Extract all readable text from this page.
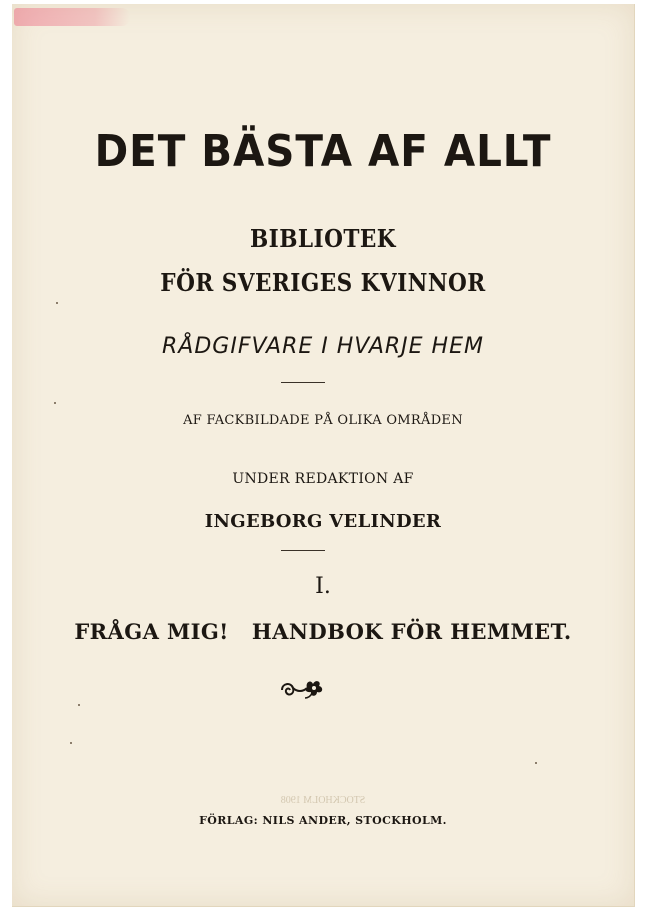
DET BÄSTA AF ALLT
BIBLIOTEK
FÖR SVERIGES KVINNOR
RÅDGIFVARE I HVARJE HEM
AF FACKBILDADE PÅ OLIKA OMRÅDEN
UNDER REDAKTION AF
INGEBORG VELINDER
I.
FRÅGA MIG!   HANDBOK FÖR HEMMET.
STOCKHOLM 1908
FÖRLAG: NILS ANDER, STOCKHOLM.
